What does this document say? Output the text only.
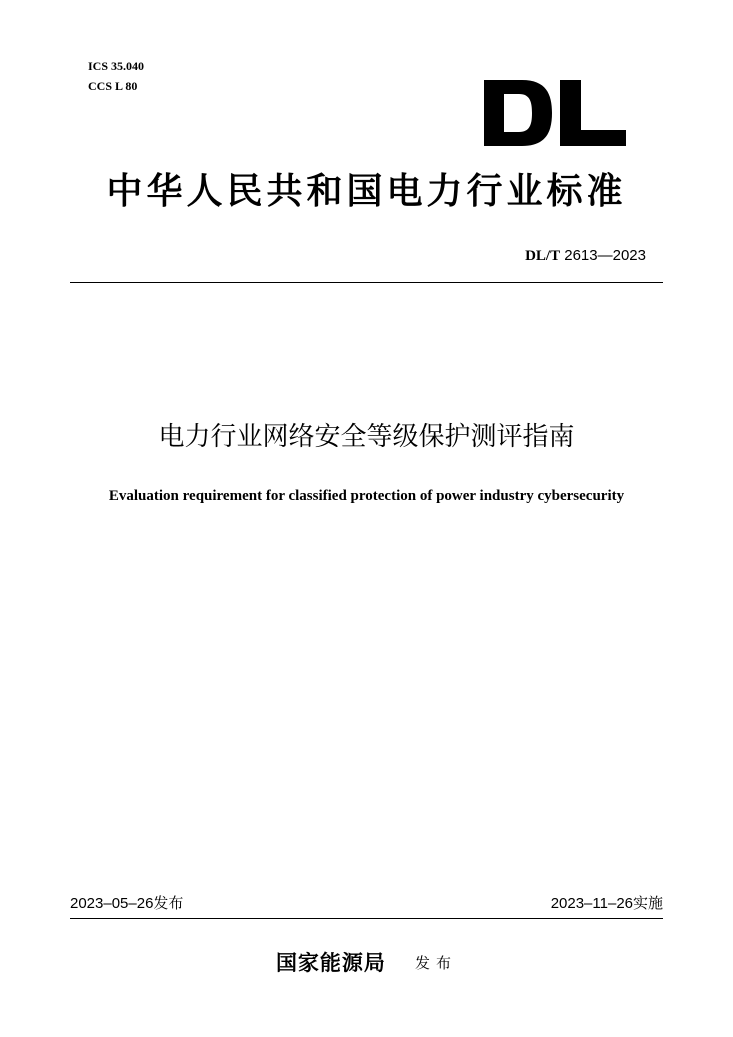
ICS 35.040
CCS L 80
中华人民共和国电力行业标准
DL/T 2613—2023
电力行业网络安全等级保护测评指南
Evaluation requirement for classified protection of power industry cybersecurity
2023–05–26发布	2023–11–26实施
国家能源局 发布
